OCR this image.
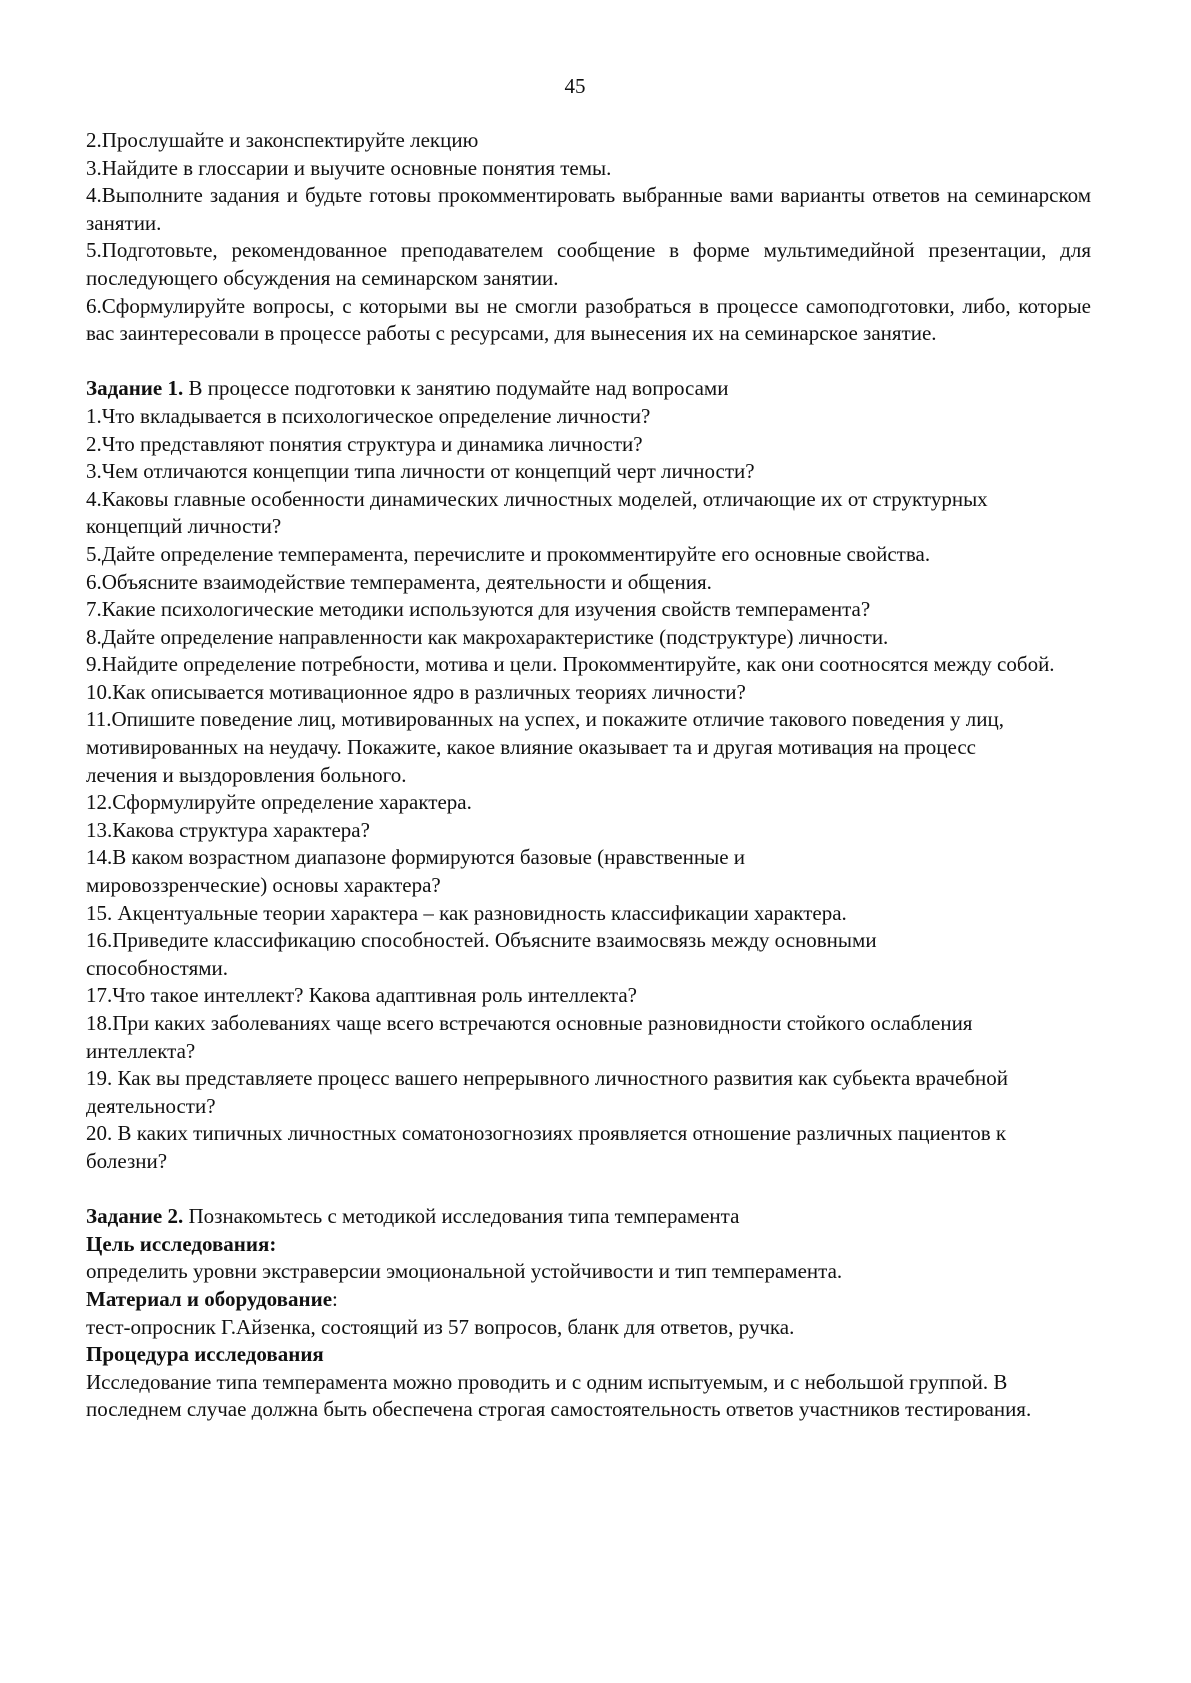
45

2.Прослушайте и законспектируйте лекцию

3.Найдите в глоссарии и выучите основные понятия темы.

4.Выполните задания и будьте готовы прокомментировать выбранные вами варианты ответов на семинарском занятии.

5.Подготовьте, рекомендованное преподавателем сообщение в форме мультимедийной презентации, для последующего обсуждения на семинарском занятии.

6.Сформулируйте вопросы, с которыми вы не смогли разобраться в процессе самоподготовки, либо, которые вас заинтересовали в процессе работы с ресурсами, для вынесения их на семинарское занятие.

Задание 1. В процессе подготовки к занятию подумайте над вопросами

1.Что вкладывается в психологическое определение личности?

2.Что представляют понятия структура и динамика личности?

3.Чем отличаются концепции типа личности от концепций черт личности?

4.Каковы главные особенности динамических личностных моделей, отличающие их от структурных концепций личности?

5.Дайте определение темперамента, перечислите и прокомментируйте его основные свойства.

6.Объясните взаимодействие темперамента, деятельности и общения.

7.Какие психологические методики используются для изучения свойств темперамента?

8.Дайте определение направленности как макрохарактеристике (подструктуре) личности.

9.Найдите определение потребности, мотива и цели. Прокомментируйте, как они соотносятся между собой.

10.Как описывается мотивационное ядро в различных теориях личности?

11.Опишите поведение лиц, мотивированных на успех, и покажите отличие такового поведения у лиц, мотивированных на неудачу. Покажите, какое влияние оказывает та и другая мотивация на процесс лечения и выздоровления больного.

12.Сформулируйте определение характера.

13.Какова структура характера?

14.В каком возрастном диапазоне формируются базовые (нравственные и мировоззренческие) основы характера?

15. Акцентуальные теории характера – как разновидность классификации характера.

16.Приведите классификацию способностей. Объясните взаимосвязь между основными способностями.

17.Что такое интеллект? Какова адаптивная роль интеллекта?

18.При каких заболеваниях чаще всего встречаются основные разновидности стойкого ослабления интеллекта?

19. Как вы представляете процесс вашего непрерывного личностного развития как субьекта врачебной деятельности?

20. В каких типичных личностных соматонозогнозиях проявляется отношение различных пациентов к болезни?

Задание 2. Познакомьтесь с методикой исследования типа темперамента

Цель исследования:

определить уровни экстраверсии эмоциональной устойчивости и тип темперамента.

Материал и оборудование:

тест-опросник Г.Айзенка, состоящий из 57 вопросов, бланк для ответов, ручка.

Процедура исследования

Исследование типа темперамента можно проводить и с одним испытуемым, и с небольшой группой. В последнем случае должна быть обеспечена строгая самостоятельность ответов участников тестирования.
